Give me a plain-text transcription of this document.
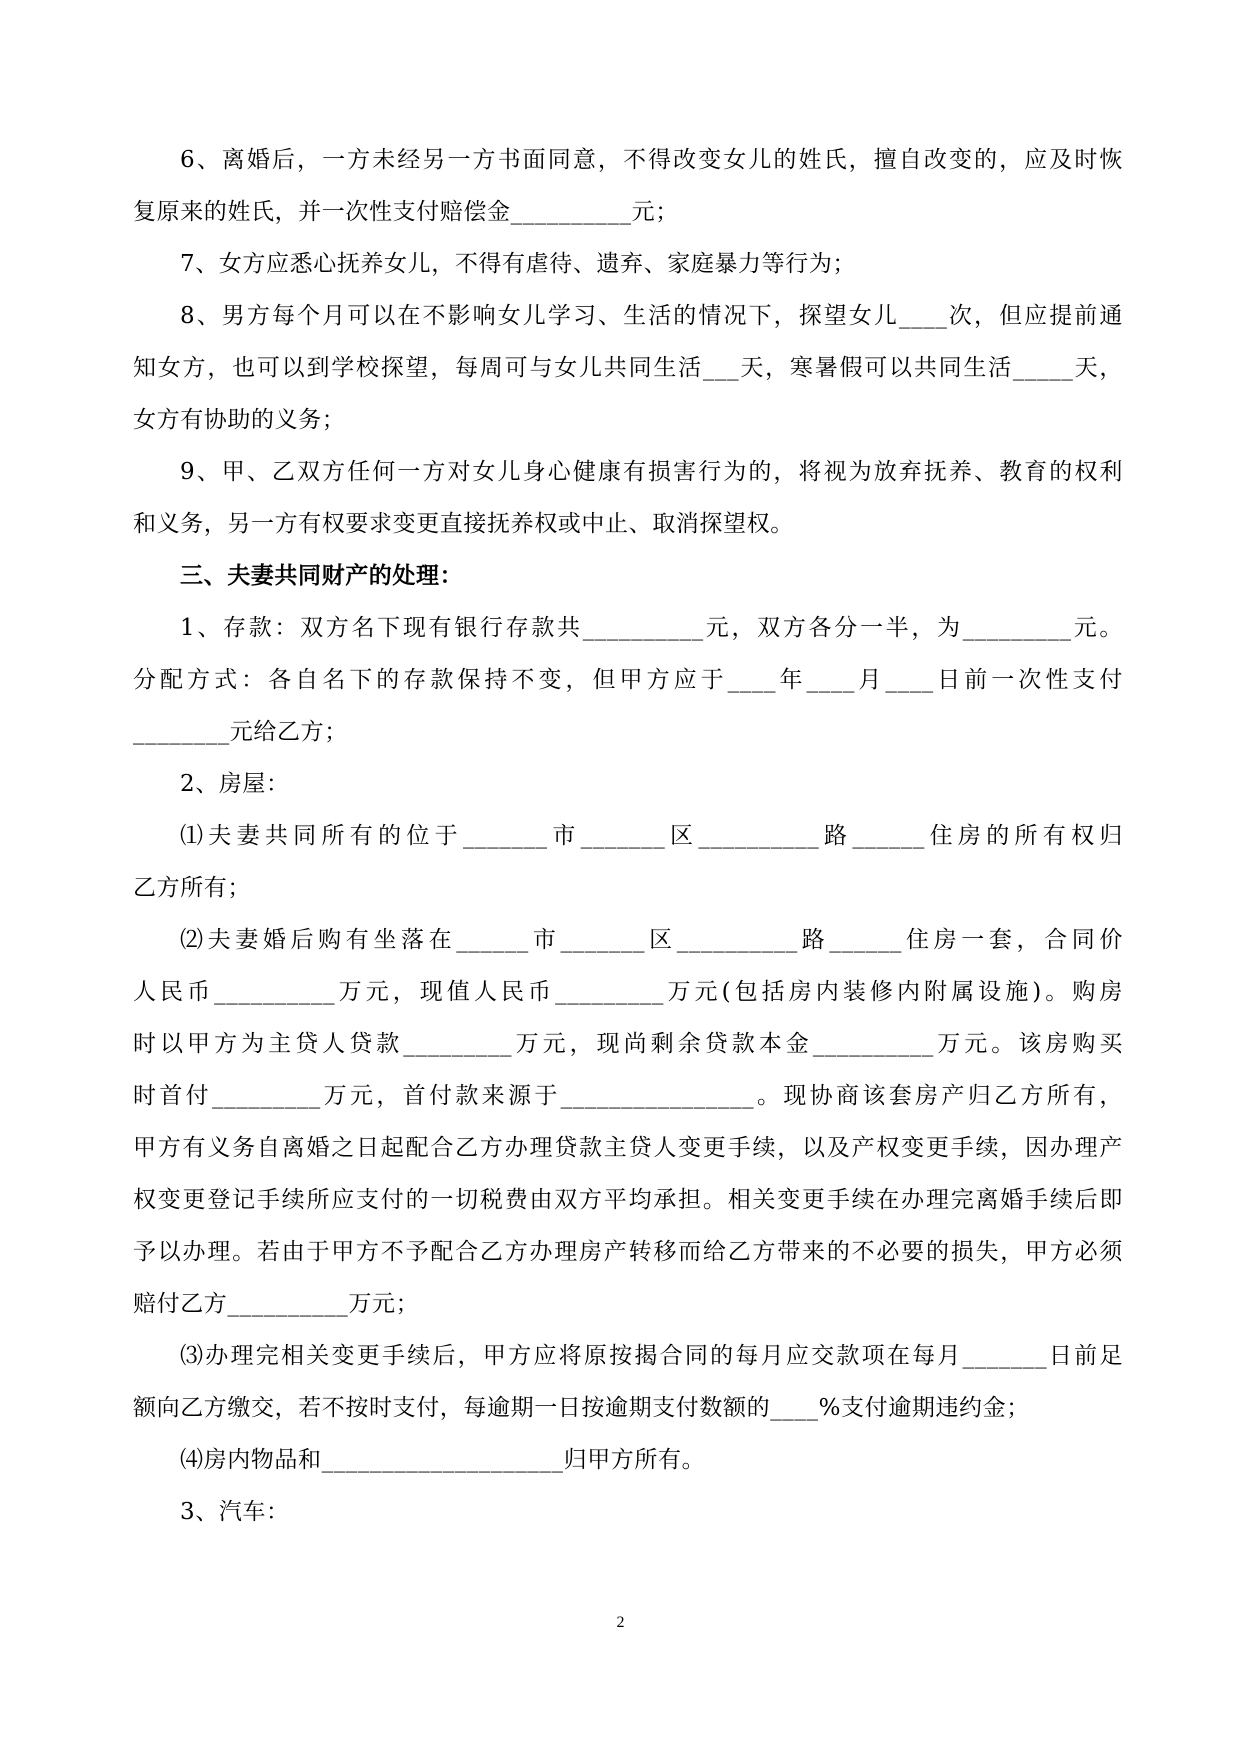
6、离婚后，一方未经另一方书面同意，不得改变女儿的姓氏，擅自改变的，应及时恢
复原来的姓氏，并一次性支付赔偿金__________元；
7、女方应悉心抚养女儿，不得有虐待、遗弃、家庭暴力等行为；
8、男方每个月可以在不影响女儿学习、生活的情况下，探望女儿____次，但应提前通
知女方，也可以到学校探望，每周可与女儿共同生活___天，寒暑假可以共同生活_____天，
女方有协助的义务；
9、甲、乙双方任何一方对女儿身心健康有损害行为的，将视为放弃抚养、教育的权利
和义务，另一方有权要求变更直接抚养权或中止、取消探望权。
三、夫妻共同财产的处理：
1、存款：双方名下现有银行存款共__________元，双方各分一半，为_________元。
分配方式：各自名下的存款保持不变，但甲方应于____年____月____日前一次性支付
________元给乙方；
2、房屋：
⑴夫妻共同所有的位于_______市_______区__________路______住房的所有权归
乙方所有；
⑵夫妻婚后购有坐落在______市_______区__________路______住房一套，合同价
人民币__________万元，现值人民币_________万元(包括房内装修内附属设施)。购房
时以甲方为主贷人贷款_________万元，现尚剩余贷款本金__________万元。该房购买
时首付_________万元，首付款来源于________________。现协商该套房产归乙方所有，
甲方有义务自离婚之日起配合乙方办理贷款主贷人变更手续，以及产权变更手续，因办理产
权变更登记手续所应支付的一切税费由双方平均承担。相关变更手续在办理完离婚手续后即
予以办理。若由于甲方不予配合乙方办理房产转移而给乙方带来的不必要的损失，甲方必须
赔付乙方__________万元；
⑶办理完相关变更手续后，甲方应将原按揭合同的每月应交款项在每月_______日前足
额向乙方缴交，若不按时支付，每逾期一日按逾期支付数额的____%支付逾期违约金；
⑷房内物品和____________________归甲方所有。
3、汽车：
2
